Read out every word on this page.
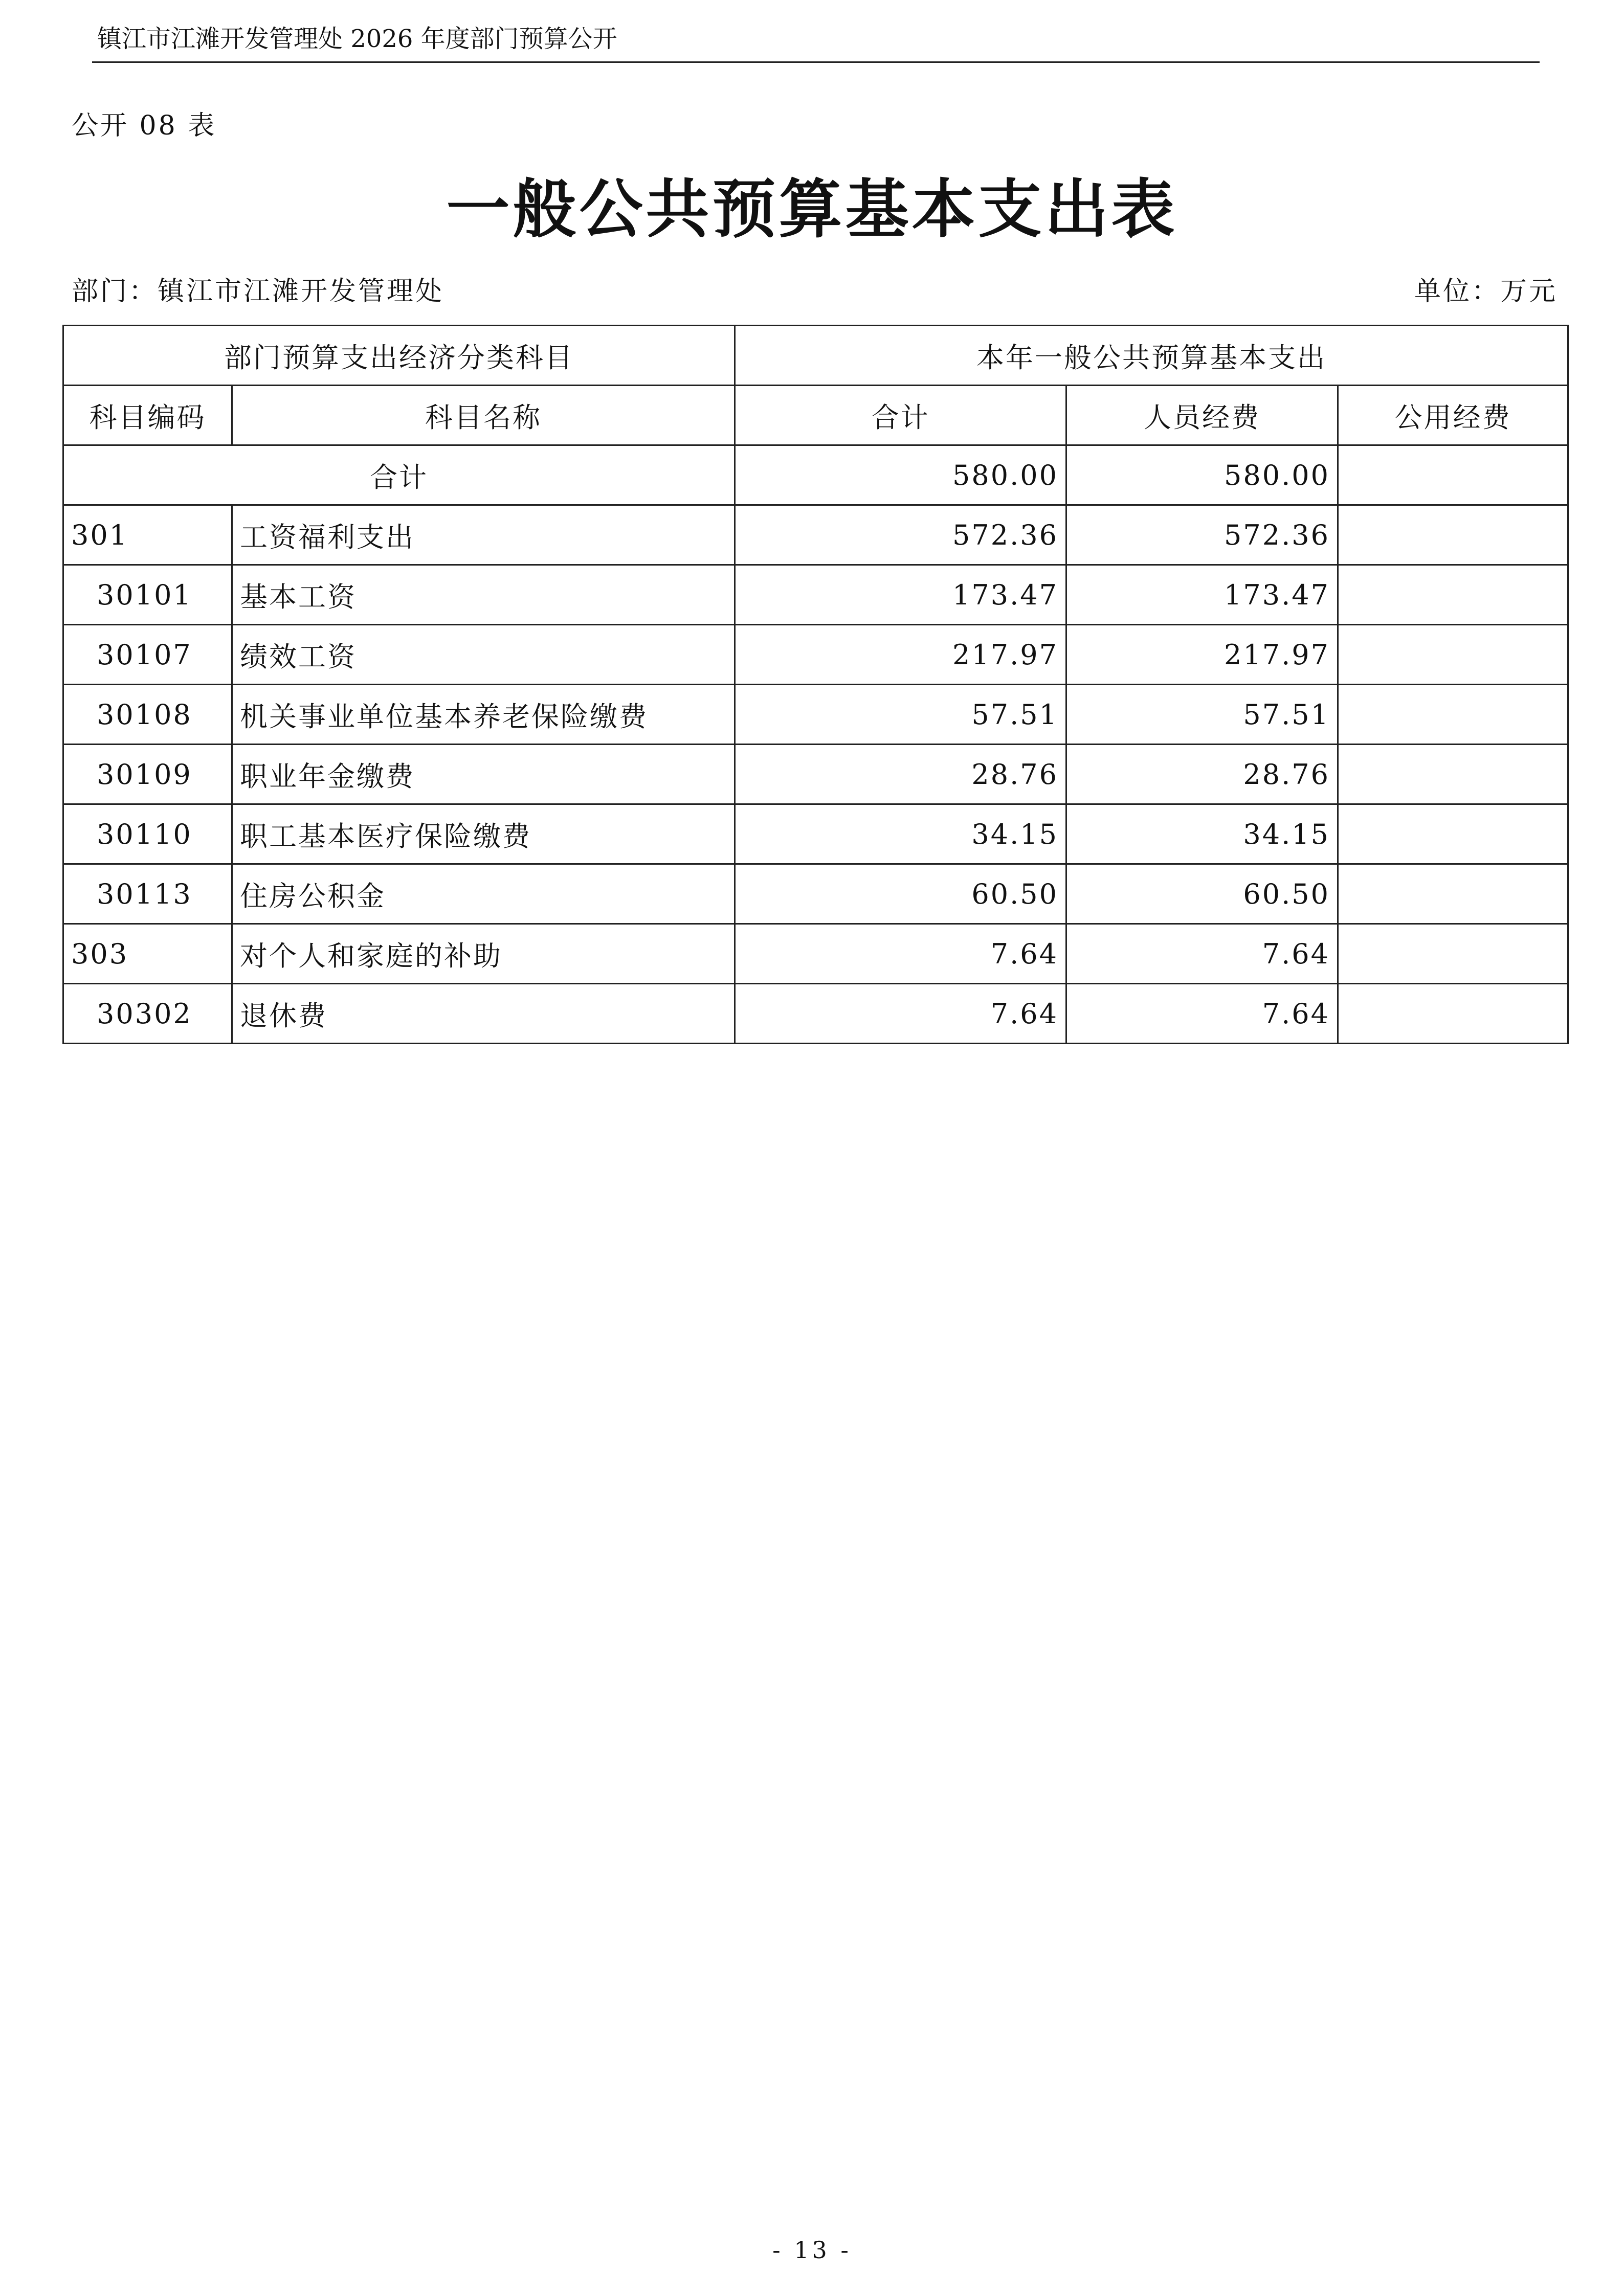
镇江市江滩开发管理处 2026 年度部门预算公开
公开 08 表
一般公共预算基本支出表
部门：镇江市江滩开发管理处	单位：万元
部门预算支出经济分类科目		本年一般公共预算基本支出		
科目编码	科目名称	合计	人员经费	公用经费
合计		580.00	580.00	
301	工资福利支出	572.36	572.36	
30101	基本工资	173.47	173.47	
30107	绩效工资	217.97	217.97	
30108	机关事业单位基本养老保险缴费	57.51	57.51	
30109	职业年金缴费	28.76	28.76	
30110	职工基本医疗保险缴费	34.15	34.15	
30113	住房公积金	60.50	60.50	
303	对个人和家庭的补助	7.64	7.64	
30302	退休费	7.64	7.64	
- 13 -
